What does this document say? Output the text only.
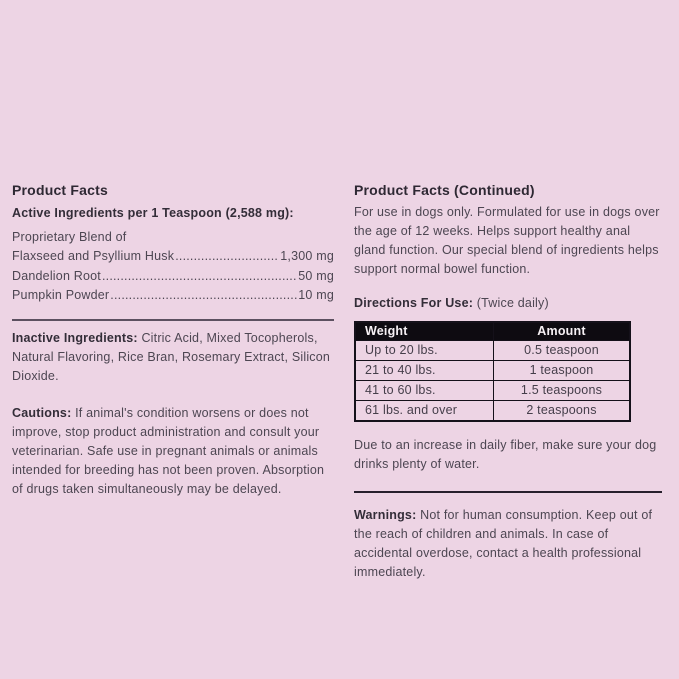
Product Facts
Active Ingredients per 1 Teaspoon (2,588 mg):
Proprietary Blend of
Flaxseed and Psyllium Husk .....	1,300 mg
Dandelion Root .....	50 mg
Pumpkin Powder .....	10 mg

Inactive Ingredients: Citric Acid, Mixed Tocopherols, Natural Flavoring, Rice Bran, Rosemary Extract, Silicon Dioxide.

Cautions: If animal's condition worsens or does not improve, stop product administration and consult your veterinarian. Safe use in pregnant animals or animals intended for breeding has not been proven. Absorption of drugs taken simultaneously may be delayed.

Product Facts (Continued)

For use in dogs only. Formulated for use in dogs over the age of 12 weeks. Helps support healthy anal gland function. Our special blend of ingredients helps support normal bowel function.

Directions For Use: (Twice daily)

Weight	Amount
Up to 20 lbs.	0.5 teaspoon
21 to 40 lbs.	1 teaspoon
41 to 60 lbs.	1.5 teaspoons
61 lbs. and over	2 teaspoons

Due to an increase in daily fiber, make sure your dog drinks plenty of water.

Warnings: Not for human consumption. Keep out of the reach of children and animals. In case of accidental overdose, contact a health professional immediately.
